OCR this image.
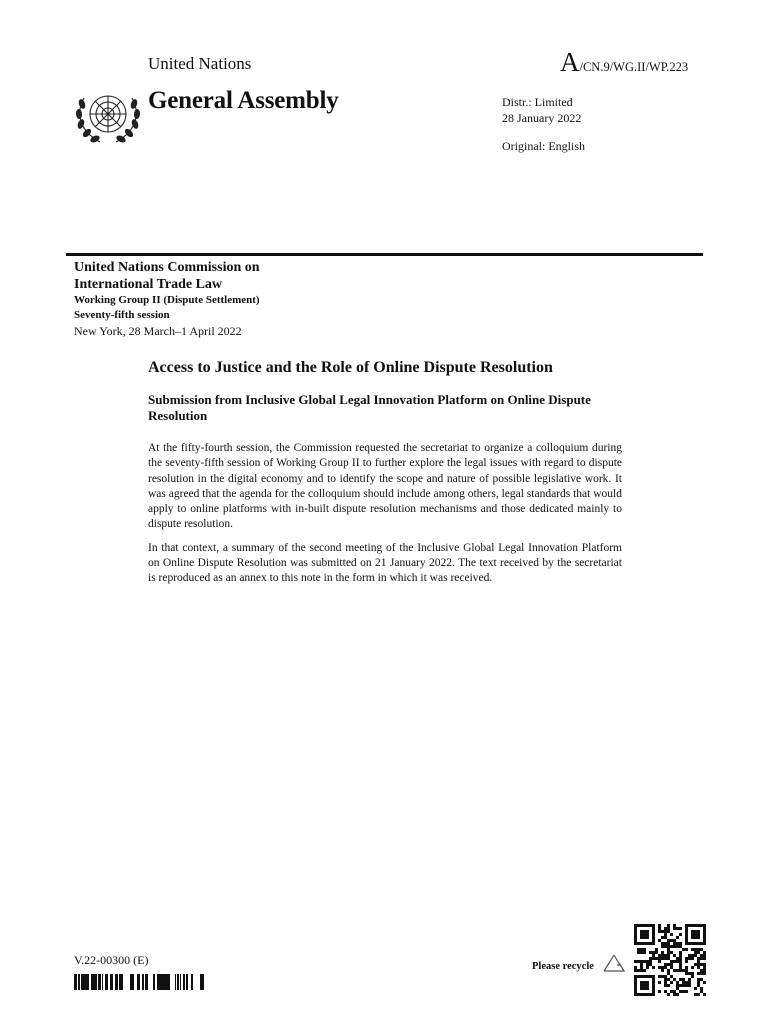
United Nations	A/CN.9/WG.II/WP.223
General Assembly	Distr.: Limited
28 January 2022
Original: English
United Nations Commission on
International Trade Law
Working Group II (Dispute Settlement)
Seventy-fifth session
New York, 28 March–1 April 2022
Access to Justice and the Role of Online Dispute Resolution
Submission from Inclusive Global Legal Innovation Platform on Online Dispute Resolution

At the fifty-fourth session, the Commission requested the secretariat to organize a colloquium during the seventy-fifth session of Working Group II to further explore the legal issues with regard to dispute resolution in the digital economy and to identify the scope and nature of possible legislative work. It was agreed that the agenda for the colloquium should include among others, legal standards that would apply to online platforms with in-built dispute resolution mechanisms and those dedicated mainly to dispute resolution.

In that context, a summary of the second meeting of the Inclusive Global Legal Innovation Platform on Online Dispute Resolution was submitted on 21 January 2022. The text received by the secretariat is reproduced as an annex to this note in the form in which it was received.

V.22-00300 (E)	Please recycle
